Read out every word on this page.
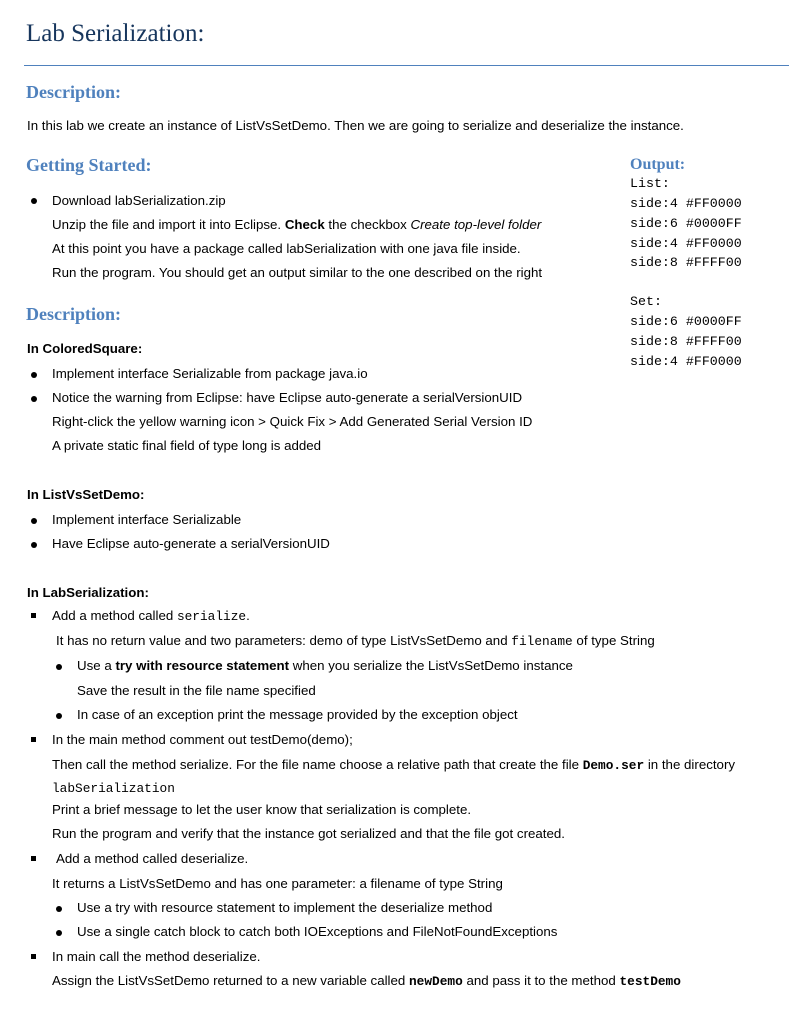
Lab Serialization:
Description:
In this lab we create an instance of ListVsSetDemo. Then we are going to serialize and deserialize the instance.
Getting Started:
Download labSerialization.zip
Unzip the file and import it into Eclipse. Check the checkbox Create top-level folder
At this point you have a package called labSerialization with one java file inside.
Run the program. You should get an output similar to the one described on the right
Output:
List:
side:4 #FF0000
side:6 #0000FF
side:4 #FF0000
side:8 #FFFF00
Set:
side:6 #0000FF
side:8 #FFFF00
side:4 #FF0000
Description:
In ColoredSquare:
Implement interface Serializable from package java.io
Notice the warning from Eclipse: have Eclipse auto-generate a serialVersionUID
Right-click the yellow warning icon > Quick Fix > Add Generated Serial Version ID
A private static final field of type long is added
In ListVsSetDemo:
Implement interface Serializable
Have Eclipse auto-generate a serialVersionUID
In LabSerialization:
Add a method called serialize.
It has no return value and two parameters: demo of type ListVsSetDemo and filename of type String
Use a try with resource statement when you serialize the ListVsSetDemo instance
Save the result in the file name specified
In case of an exception print the message provided by the exception object
In the main method comment out testDemo(demo);
Then call the method serialize. For the file name choose a relative path that create the file Demo.ser in the directory
labSerialization
Print a brief message to let the user know that serialization is complete.
Run the program and verify that the instance got serialized and that the file got created.
Add a method called deserialize.
It returns a ListVsSetDemo and has one parameter: a filename of type String
Use a try with resource statement to implement the deserialize method
Use a single catch block to catch both IOExceptions and FileNotFoundExceptions
In main call the method deserialize.
Assign the ListVsSetDemo returned to a new variable called newDemo and pass it to the method testDemo
